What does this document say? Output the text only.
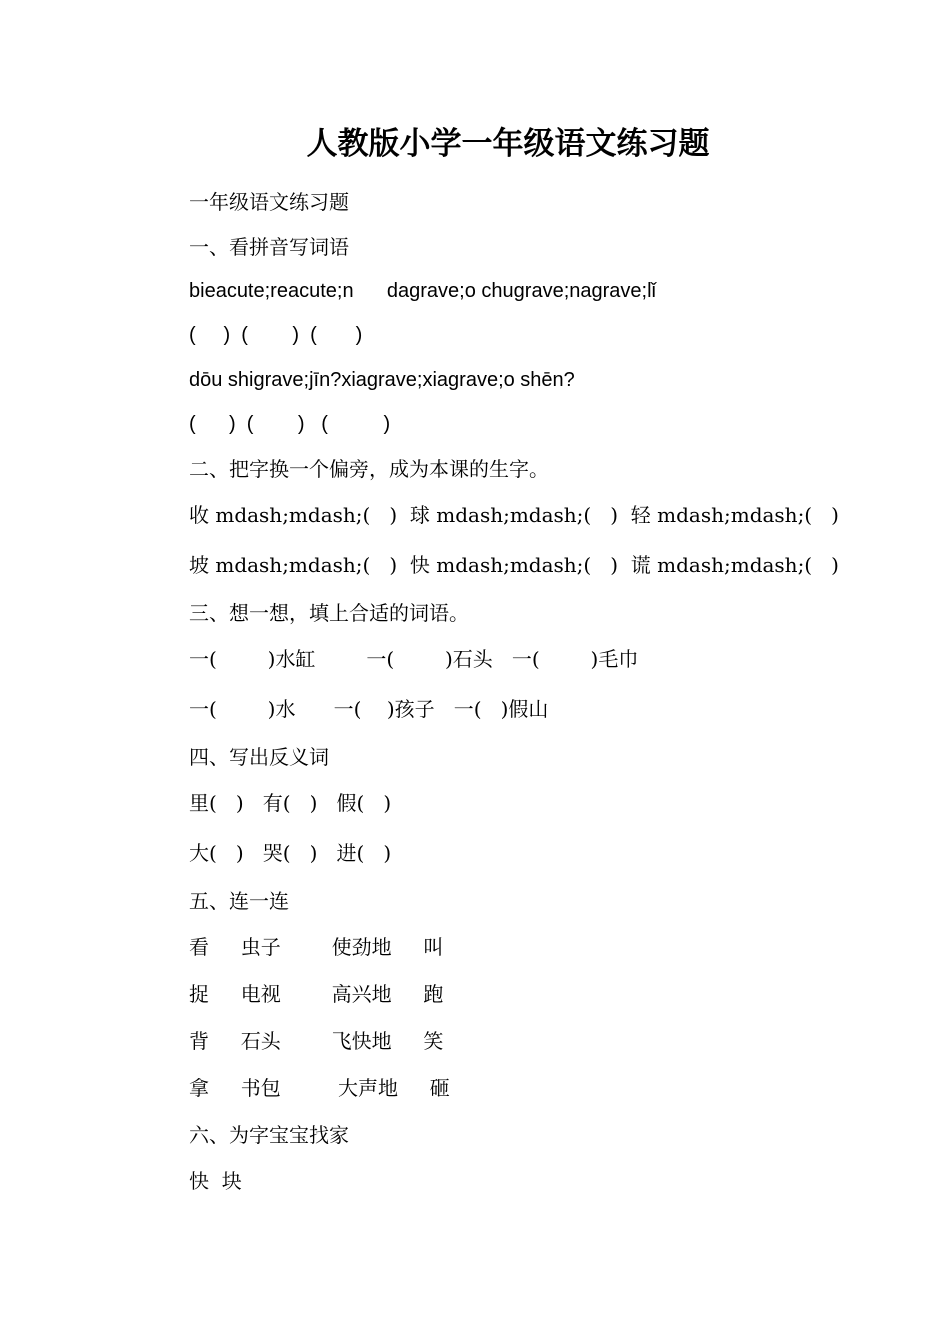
人教版小学一年级语文练习题
一年级语文练习题
一、看拼音写词语
bieacute;reacute;n      dagrave;o chugrave;nagrave;lǐ
(     )  (        )  (       )
dōu shigrave;jīn?xiagrave;xiagrave;o shēn?
(      )  (        )   (          )
二、把字换一个偏旁，成为本课的生字。
收 mdash;mdash;(   )  球 mdash;mdash;(   )  轻 mdash;mdash;(   )
坡 mdash;mdash;(   )  快 mdash;mdash;(   )  谎 mdash;mdash;(   )
三、想一想，填上合适的词语。
一(        )水缸        一(        )石头   一(        )毛巾
一(        )水      一(    )孩子   一(   )假山
四、写出反义词
里(   )   有(   )   假(   )
大(   )   哭(   )   进(   )
五、连一连
看     虫子        使劲地     叫
捉     电视        高兴地     跑
背     石头        飞快地     笑
拿     书包         大声地     砸
六、为字宝宝找家
快  块
